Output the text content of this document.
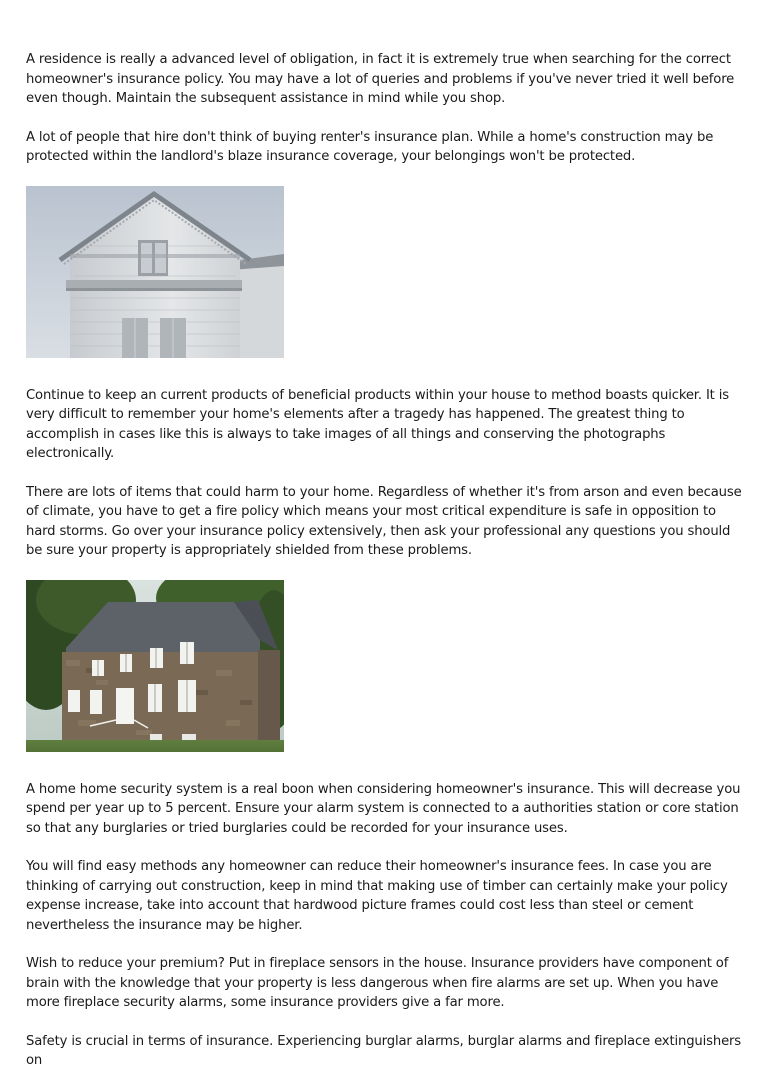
A residence is really a advanced level of obligation, in fact it is extremely true when searching for the correct homeowner's insurance policy. You may have a lot of queries and problems if you've never tried it well before even though. Maintain the subsequent assistance in mind while you shop.

A lot of people that hire don't think of buying renter's insurance plan. While a home's construction may be protected within the landlord's blaze insurance coverage, your belongings won't be protected.

Continue to keep an current products of beneficial products within your house to method boasts quicker. It is very difficult to remember your home's elements after a tragedy has happened. The greatest thing to accomplish in cases like this is always to take images of all things and conserving the photographs electronically.

There are lots of items that could harm to your home. Regardless of whether it's from arson and even because of climate, you have to get a fire policy which means your most critical expenditure is safe in opposition to hard storms. Go over your insurance policy extensively, then ask your professional any questions you should be sure your property is appropriately shielded from these problems.

A home home security system is a real boon when considering homeowner's insurance. This will decrease you spend per year up to 5 percent. Ensure your alarm system is connected to a authorities station or core station so that any burglaries or tried burglaries could be recorded for your insurance uses.

You will find easy methods any homeowner can reduce their homeowner's insurance fees. In case you are thinking of carrying out construction, keep in mind that making use of timber can certainly make your policy expense increase, take into account that hardwood picture frames could cost less than steel or cement nevertheless the insurance may be higher.

Wish to reduce your premium? Put in fireplace sensors in the house. Insurance providers have component of brain with the knowledge that your property is less dangerous when fire alarms are set up. When you have more fireplace security alarms, some insurance providers give a far more.

Safety is crucial in terms of insurance. Experiencing burglar alarms, burglar alarms and fireplace extinguishers on
